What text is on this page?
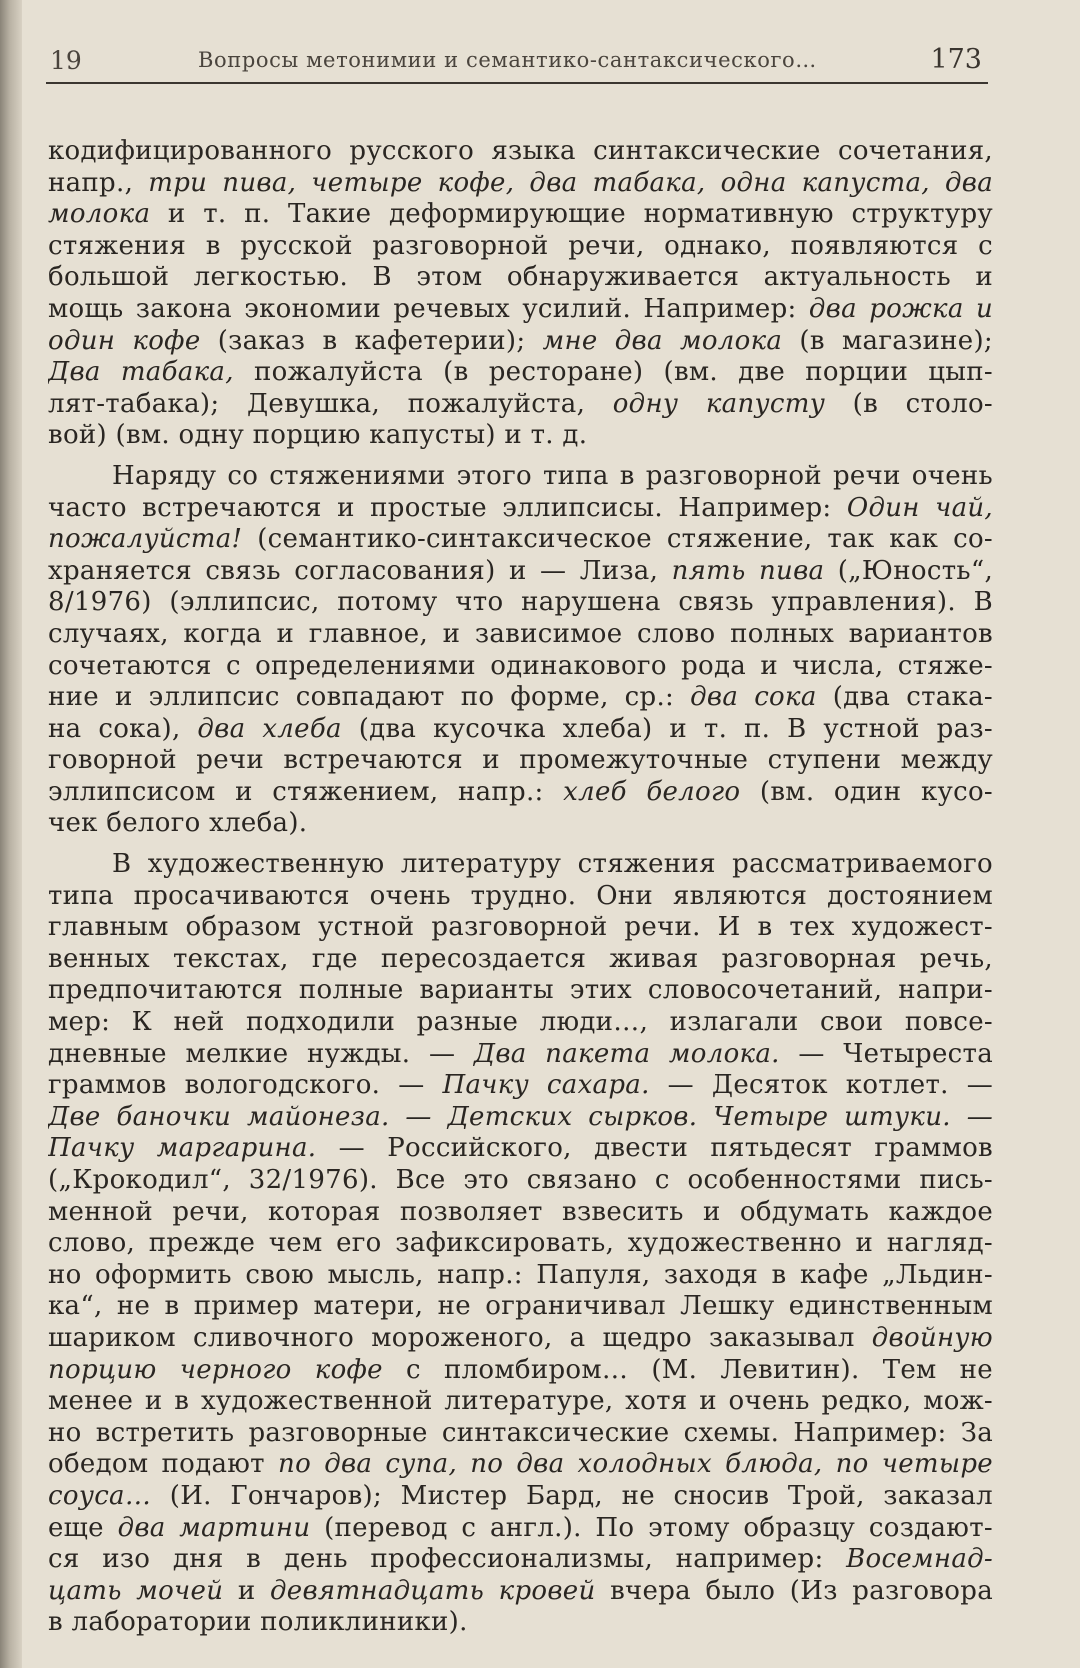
19	Вопросы метонимии и семантико-сантаксического…	173
кодифицированного русского языка синтаксические сочетания,
напр., три пива, четыре кофе, два табака, одна капуста, два
молока и т. п. Такие деформирующие нормативную структуру
стяжения в русской разговорной речи, однако, появляются с
большой легкостью. В этом обнаруживается актуальность и
мощь закона экономии речевых усилий. Например: два рожка и
один кофе (заказ в кафетерии); мне два молока (в магазине);
Два табака, пожалуйста (в ресторане) (вм. две порции цып-
лят-табака); Девушка, пожалуйста, одну капусту (в столо-
вой) (вм. одну порцию капусты) и т. д.
Наряду со стяжениями этого типа в разговорной речи очень
часто встречаются и простые эллипсисы. Например: Один чай,
пожалуйста! (семантико-синтаксическое стяжение, так как со-
храняется связь согласования) и — Лиза, пять пива („Юность“,
8/1976) (эллипсис, потому что нарушена связь управления). В
случаях, когда и главное, и зависимое слово полных вариантов
сочетаются с определениями одинакового рода и числа, стяже-
ние и эллипсис совпадают по форме, ср.: два сока (два стака-
на сока), два хлеба (два кусочка хлеба) и т. п. В устной раз-
говорной речи встречаются и промежуточные ступени между
эллипсисом и стяжением, напр.: хлеб белого (вм. один кусо-
чек белого хлеба).
В художественную литературу стяжения рассматриваемого
типа просачиваются очень трудно. Они являются достоянием
главным образом устной разговорной речи. И в тех художест-
венных текстах, где пересоздается живая разговорная речь,
предпочитаются полные варианты этих словосочетаний, напри-
мер: К ней подходили разные люди…, излагали свои повсе-
дневные мелкие нужды. — Два пакета молока. — Четыреста
граммов вологодского. — Пачку сахара. — Десяток котлет. —
Две баночки майонеза. — Детских сырков. Четыре штуки. —
Пачку маргарина. — Российского, двести пятьдесят граммов
(„Крокодил“, 32/1976). Все это связано с особенностями пись-
менной речи, которая позволяет взвесить и обдумать каждое
слово, прежде чем его зафиксировать, художественно и нагляд-
но оформить свою мысль, напр.: Папуля, заходя в кафе „Льдин-
ка“, не в пример матери, не ограничивал Лешку единственным
шариком сливочного мороженого, а щедро заказывал двойную
порцию черного кофе с пломбиром… (М. Левитин). Тем не
менее и в художественной литературе, хотя и очень редко, мож-
но встретить разговорные синтаксические схемы. Например: За
обедом подают по два супа, по два холодных блюда, по четыре
соуса… (И. Гончаров); Мистер Бард, не сносив Трой, заказал
еще два мартини (перевод с англ.). По этому образцу создают-
ся изо дня в день профессионализмы, например: Восемнад-
цать мочей и девятнадцать кровей вчера было (Из разговора
в лаборатории поликлиники).
